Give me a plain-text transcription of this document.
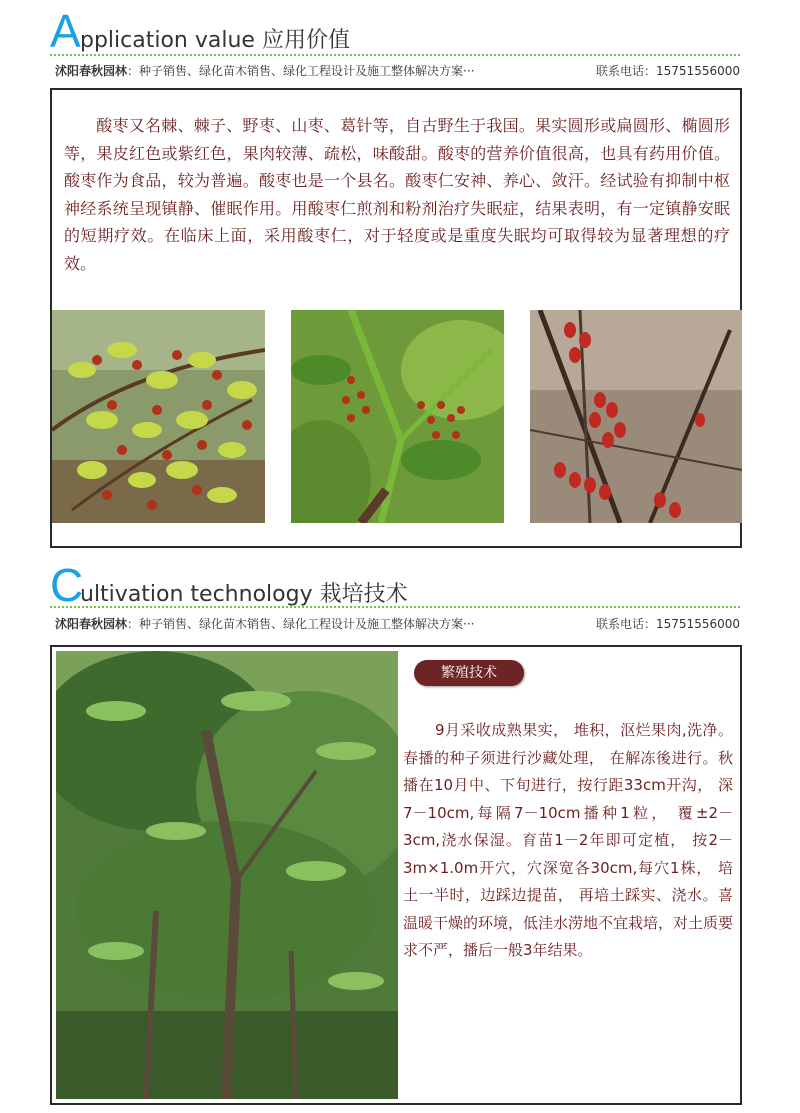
A pplication value 应用价值
沭阳春秋园林：种子销售、绿化苗木销售、绿化工程设计及施工整体解决方案···	联系电话：15751556000
酸枣又名棘、棘子、野枣、山枣、葛针等，自古野生于我国。果实圆形或扁圆形、椭圆形等，果皮红色或紫红色，果肉较薄、疏松，味酸甜。酸枣的营养价值很高，也具有药用价值。酸枣作为食品，较为普遍。酸枣也是一个县名。酸枣仁安神、养心、敛汗。经试验有抑制中枢神经系统呈现镇静、催眠作用。用酸枣仁煎剂和粉剂治疗失眠症，结果表明，有一定镇静安眠的短期疗效。在临床上面，采用酸枣仁，对于轻度或是重度失眠均可取得较为显著理想的疗效。
C
ultivation technology 栽培技术
沭阳春秋园林：种子销售、绿化苗木销售、绿化工程设计及施工整体解决方案···	联系电话：15751556000
繁殖技术
9月采收成熟果实， 堆积，沤烂果肉,洗净。春播的种子须进行沙藏处理， 在解冻後进行。秋播在10月中、下旬进行，按行距33cm开沟， 深7－10cm,每隔7－10cm播种1粒， 覆±2－3cm,浇水保湿。育苗1－2年即可定植， 按2－3m×1.0m开穴，穴深宽各30cm,每穴1株， 培土一半时，边踩边提苗， 再培土踩实、浇水。喜温暖干燥的环境，低洼水涝地不宜栽培，对土质要求不严，播后一般3年结果。
